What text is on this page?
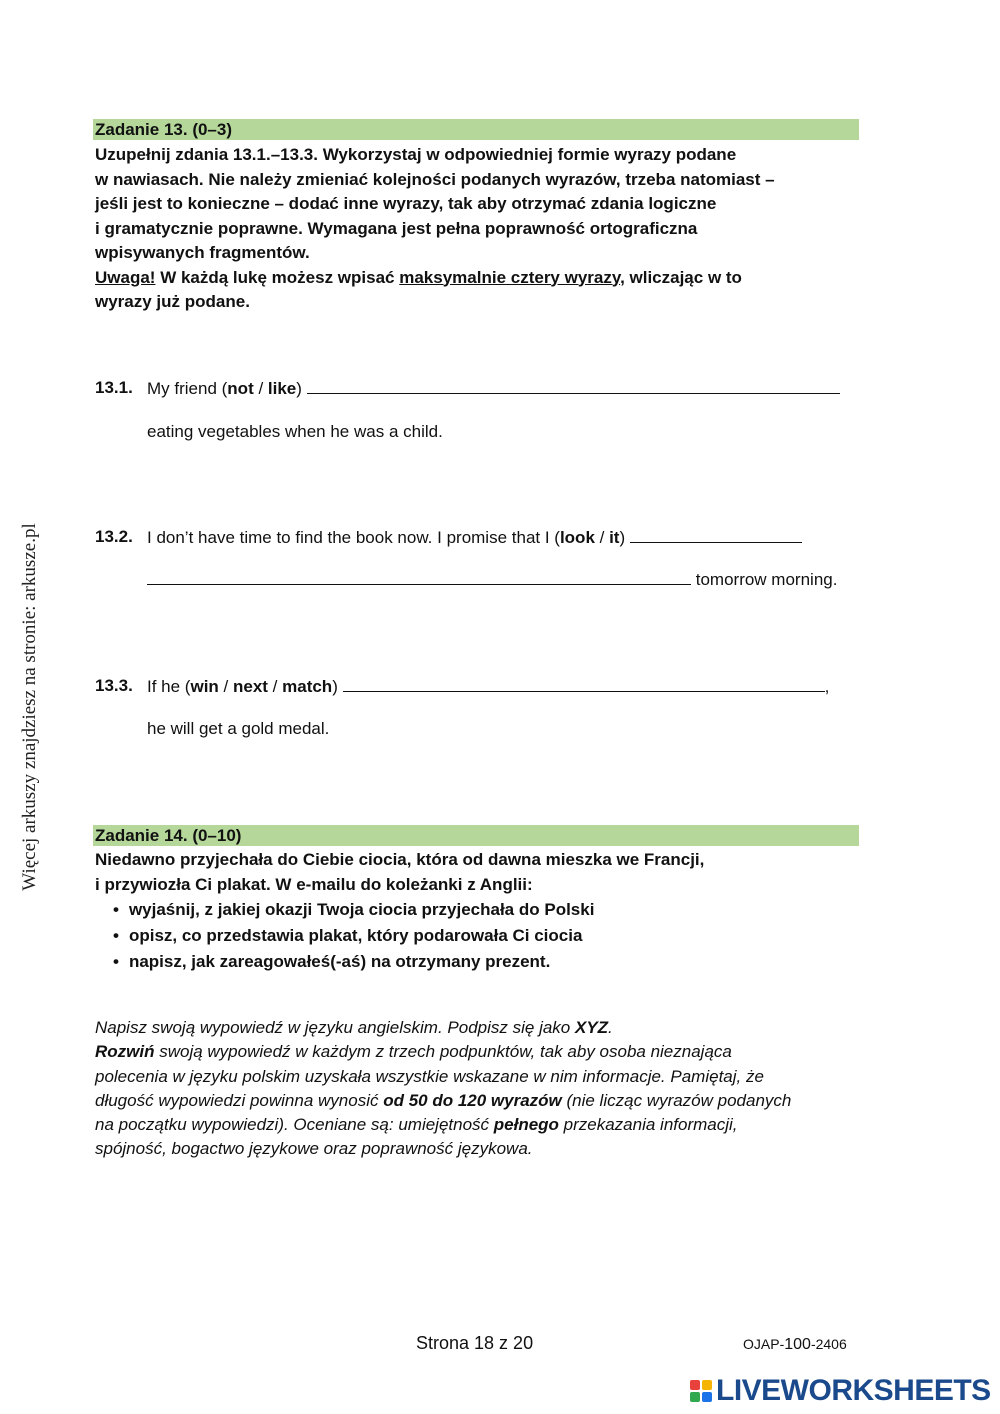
Więcej arkuszy znajdziesz na stronie: arkusze.pl
Zadanie 13. (0–3)

Uzupełnij zdania 13.1.–13.3. Wykorzystaj w odpowiedniej formie wyrazy podane

w nawiasach. Nie należy zmieniać kolejności podanych wyrazów, trzeba natomiast –

jeśli jest to konieczne – dodać inne wyrazy, tak aby otrzymać zdania logiczne

i gramatycznie poprawne. Wymagana jest pełna poprawność ortograficzna

wpisywanych fragmentów.

Uwaga! W każdą lukę możesz wpisać maksymalnie cztery wyrazy, wliczając w to

wyrazy już podane.

13.1. My friend (not / like)
eating vegetables when he was a child.
13.2. I don’t have time to find the book now. I promise that I (look / it)
tomorrow morning.
13.3. If he (win / next / match)	,
he will get a gold medal.
Zadanie 14. (0–10)

Niedawno przyjechała do Ciebie ciocia, która od dawna mieszka we Francji,

i przywiozła Ci plakat. W e-mailu do koleżanki z Anglii:

• wyjaśnij, z jakiej okazji Twoja ciocia przyjechała do Polski
• opisz, co przedstawia plakat, który podarowała Ci ciocia
• napisz, jak zareagowałeś(-aś) na otrzymany prezent.

Napisz swoją wypowiedź w języku angielskim. Podpisz się jako XYZ.

Rozwiń swoją wypowiedź w każdym z trzech podpunktów, tak aby osoba nieznająca

polecenia w języku polskim uzyskała wszystkie wskazane w nim informacje. Pamiętaj, że

długość wypowiedzi powinna wynosić od 50 do 120 wyrazów (nie licząc wyrazów podanych

na początku wypowiedzi). Oceniane są: umiejętność pełnego przekazania informacji,

spójność, bogactwo językowe oraz poprawność językowa.

Strona 18 z 20	OJAP-100-2406
LIVEWORKSHEETS
